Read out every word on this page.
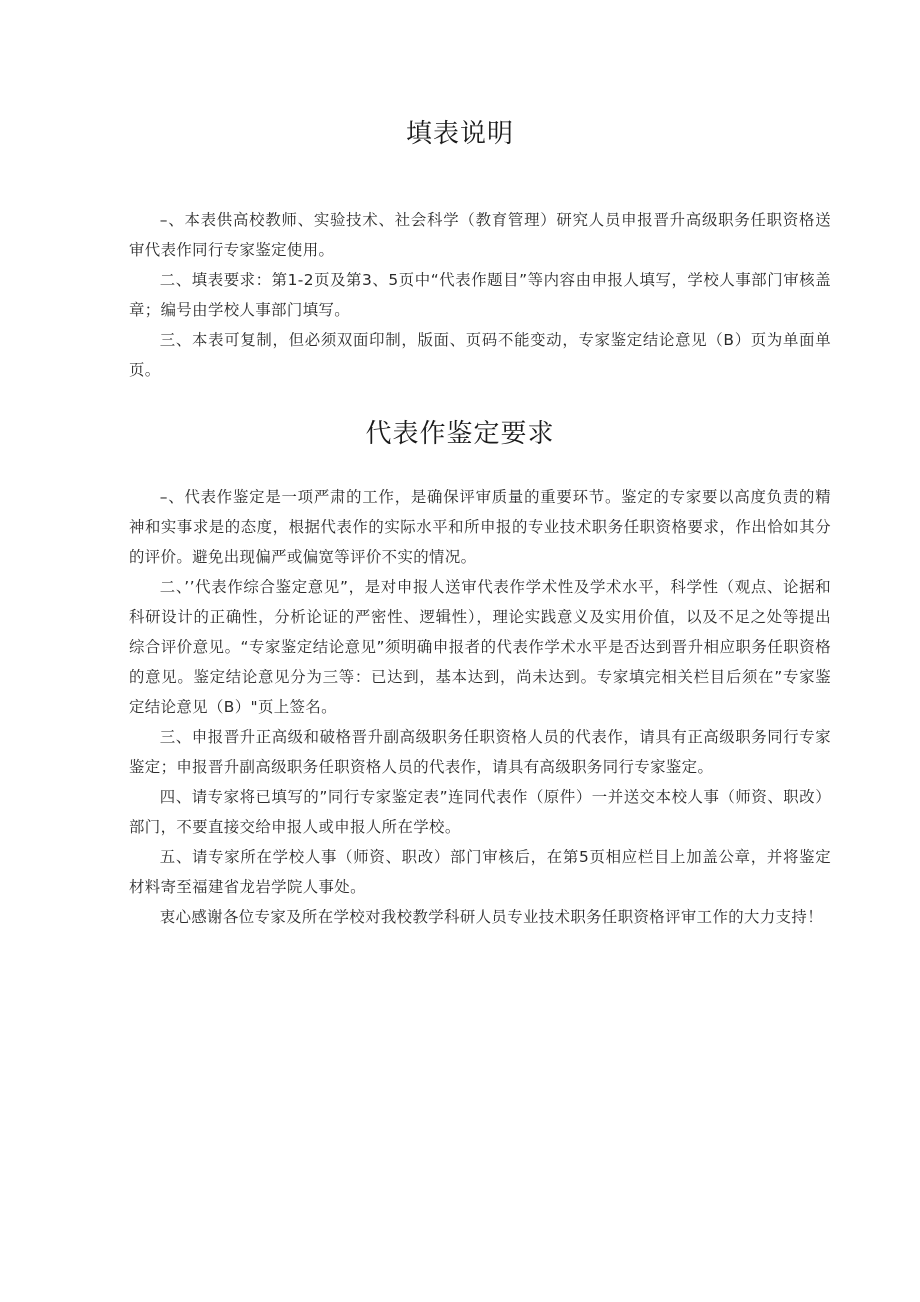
填表说明

–、本表供高校教师、实验技术、社会科学（教育管理）研究人员申报晋升高级职务任职资格送审代表作同行专家鉴定使用。

二、填表要求：第1-2页及第3、5页中“代表作题目”等内容由申报人填写，学校人事部门审核盖章；编号由学校人事部门填写。

三、本表可复制，但必须双面印制，版面、页码不能变动，专家鉴定结论意见（B）页为单面单页。

代表作鉴定要求

–、代表作鉴定是一项严肃的工作，是确保评审质量的重要环节。鉴定的专家要以高度负责的精神和实事求是的态度，根据代表作的实际水平和所申报的专业技术职务任职资格要求，作出恰如其分的评价。避免出现偏严或偏宽等评价不实的情况。

二、’’代表作综合鉴定意见”，是对申报人送审代表作学术性及学术水平，科学性（观点、论据和科研设计的正确性，分析论证的严密性、逻辑性），理论实践意义及实用价值，以及不足之处等提出综合评价意见。“专家鉴定结论意见”须明确申报者的代表作学术水平是否达到晋升相应职务任职资格的意见。鉴定结论意见分为三等：已达到，基本达到，尚未达到。专家填完相关栏目后须在”专家鉴定结论意见（B）"页上签名。

三、申报晋升正高级和破格晋升副高级职务任职资格人员的代表作，请具有正高级职务同行专家鉴定；申报晋升副高级职务任职资格人员的代表作，请具有高级职务同行专家鉴定。

四、请专家将已填写的”同行专家鉴定表”连同代表作（原件）一并送交本校人事（师资、职改）部门，不要直接交给申报人或申报人所在学校。

五、请专家所在学校人事（师资、职改）部门审核后，在第5页相应栏目上加盖公章，并将鉴定材料寄至福建省龙岩学院人事处。

衷心感谢各位专家及所在学校对我校教学科研人员专业技术职务任职资格评审工作的大力支持！
